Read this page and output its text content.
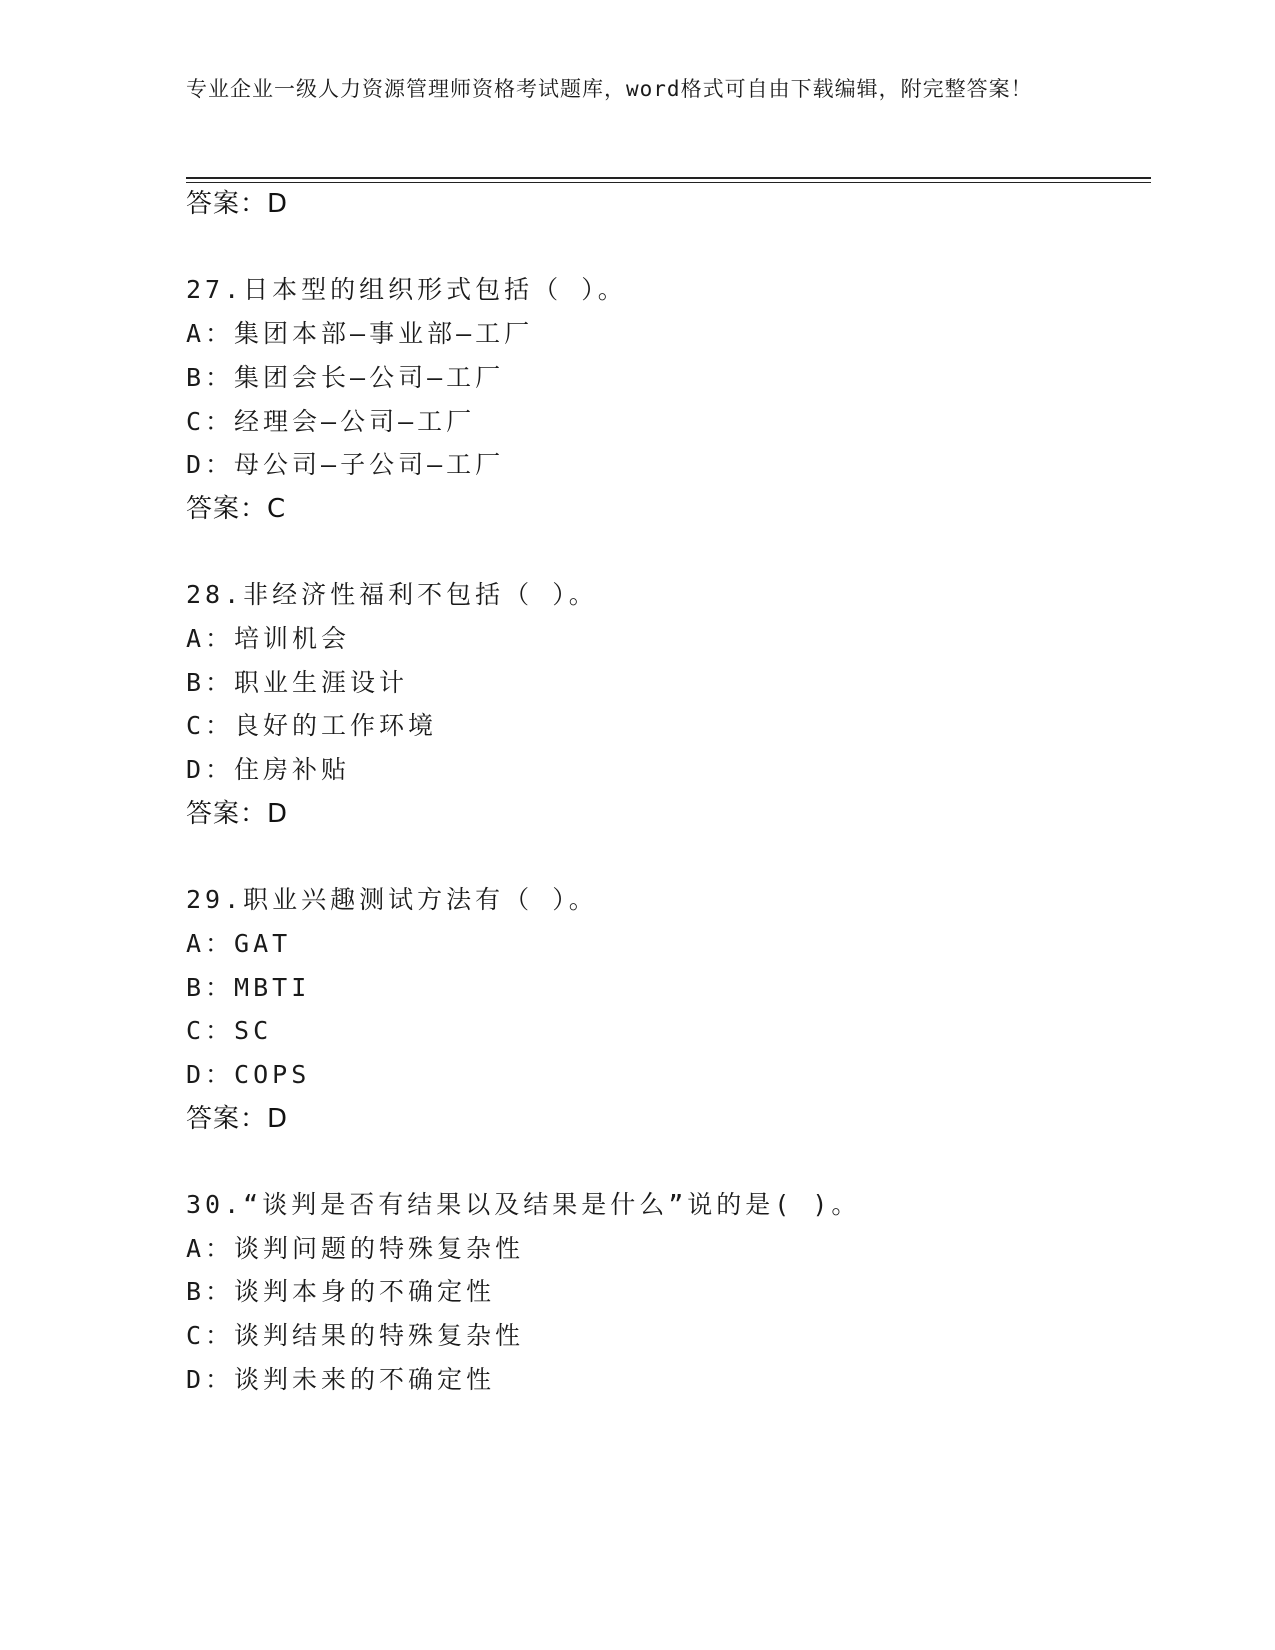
专业企业一级人力资源管理师资格考试题库，word格式可自由下载编辑，附完整答案！
答案：D
27.日本型的组织形式包括（ ）。
A：集团本部—事业部—工厂
B：集团会长—公司—工厂
C：经理会—公司—工厂
D：母公司—子公司—工厂
答案：C
28.非经济性福利不包括（ ）。
A：培训机会
B：职业生涯设计
C：良好的工作环境
D：住房补贴
答案：D
29.职业兴趣测试方法有（ ）。
A：GAT
B：MBTI
C：SC
D：COPS
答案：D
30.“谈判是否有结果以及结果是什么”说的是( )。
A：谈判问题的特殊复杂性
B：谈判本身的不确定性
C：谈判结果的特殊复杂性
D：谈判未来的不确定性
